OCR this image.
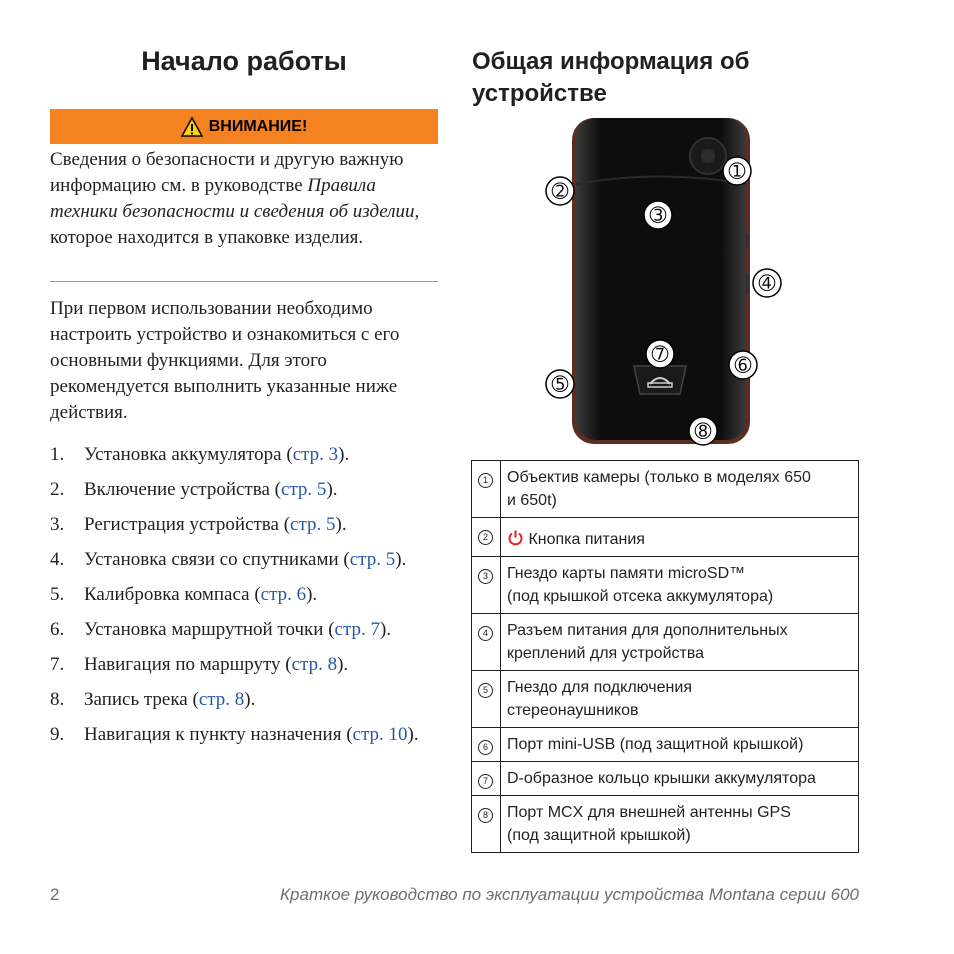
Начало работы	Общая информация об устройстве
ВНИМАНИЕ!
Сведения о безопасности и другую важную информацию см. в руководстве Правила техники безопасности и сведения об изделии, которое находится в упаковке изделия.
При первом использовании необходимо настроить устройство и ознакомиться с его основными функциями. Для этого рекомендуется выполнить указанные ниже действия.
1.	Установка аккумулятора (стр. 3).
2.	Включение устройства (стр. 5).
3.	Регистрация устройства (стр. 5).
4.	Установка связи со спутниками (стр. 5).
5.	Калибровка компаса (стр. 6).
6.	Установка маршрутной точки (стр. 7).
7.	Навигация по маршруту (стр. 8).
8.	Запись трека (стр. 8).
9.	Навигация к пункту назначения (стр. 10).
➀
➁
➂
➃
➄
➅
➆
➇
1	Объектив камеры (только в моделях 650
и 650t)

2	Кнопка питания
3	Гнездо карты памяти microSD™
(под крышкой отсека аккумулятора)

4	Разъем питания для дополнительных
креплений для устройства

5	Гнездо для подключения
стереонаушников

6	Порт mini-USB (под защитной крышкой)

7	D-образное кольцо крышки аккумулятора

8	Порт MCX для внешней антенны GPS
(под защитной крышкой)
2	Краткое руководство по эксплуатации устройства Montana серии 600
